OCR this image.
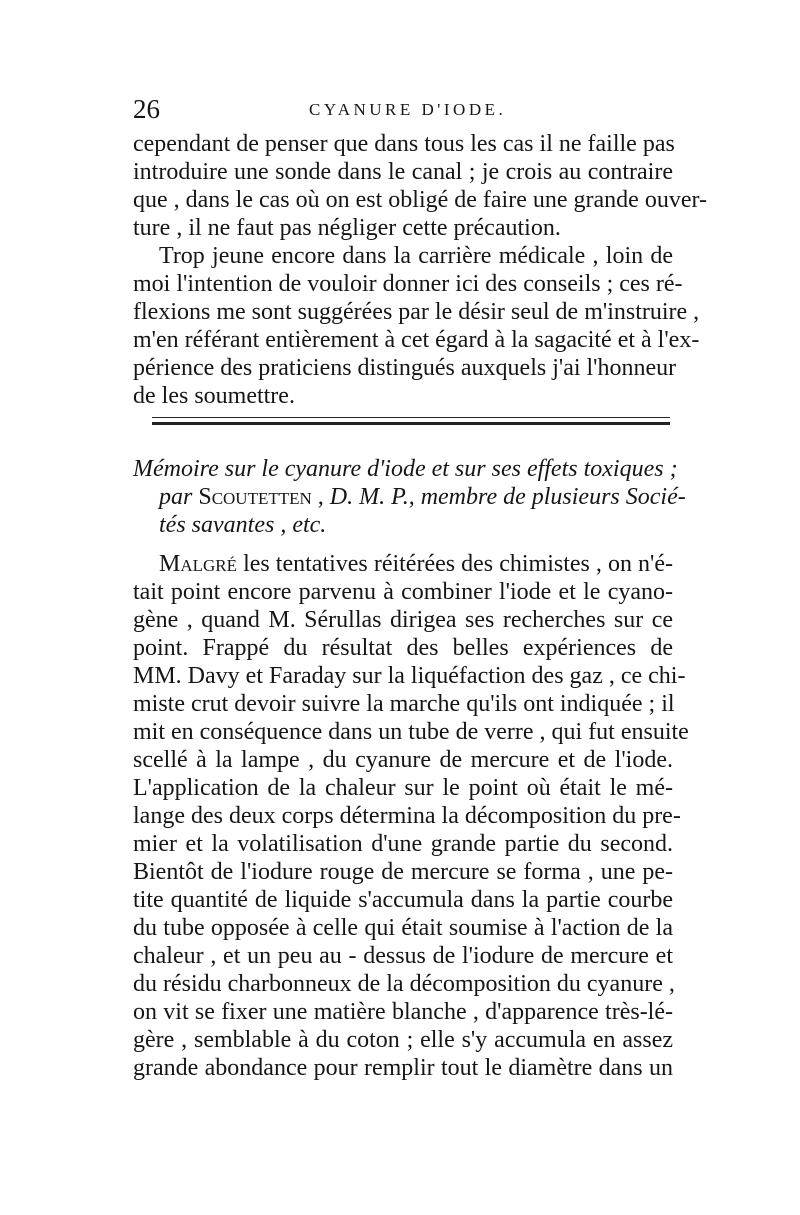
26	CYANURE D'IODE.
cependant de penser que dans tous les cas il ne faille pas
introduire une sonde dans le canal ; je crois au contraire
que , dans le cas où on est obligé de faire une grande ouver-
ture , il ne faut pas négliger cette précaution.
Trop jeune encore dans la carrière médicale , loin de
moi l'intention de vouloir donner ici des conseils ; ces ré-
flexions me sont suggérées par le désir seul de m'instruire ,
m'en référant entièrement à cet égard à la sagacité et à l'ex-
périence des praticiens distingués auxquels j'ai l'honneur
de les soumettre.
Mémoire sur le cyanure d'iode et sur ses effets toxiques ;
par Scoutetten , D. M. P., membre de plusieurs Socié-
tés savantes , etc.
Malgré les tentatives réitérées des chimistes , on n'é-
tait point encore parvenu à combiner l'iode et le cyano-
gène , quand M. Sérullas dirigea ses recherches sur ce
point. Frappé du résultat des belles expériences de
MM. Davy et Faraday sur la liquéfaction des gaz , ce chi-
miste crut devoir suivre la marche qu'ils ont indiquée ; il
mit en conséquence dans un tube de verre , qui fut ensuite
scellé à la lampe , du cyanure de mercure et de l'iode.
L'application de la chaleur sur le point où était le mé-
lange des deux corps détermina la décomposition du pre-
mier et la volatilisation d'une grande partie du second.
Bientôt de l'iodure rouge de mercure se forma , une pe-
tite quantité de liquide s'accumula dans la partie courbe
du tube opposée à celle qui était soumise à l'action de la
chaleur , et un peu au - dessus de l'iodure de mercure et
du résidu charbonneux de la décomposition du cyanure ,
on vit se fixer une matière blanche , d'apparence très-lé-
gère , semblable à du coton ; elle s'y accumula en assez
grande abondance pour remplir tout le diamètre dans un
